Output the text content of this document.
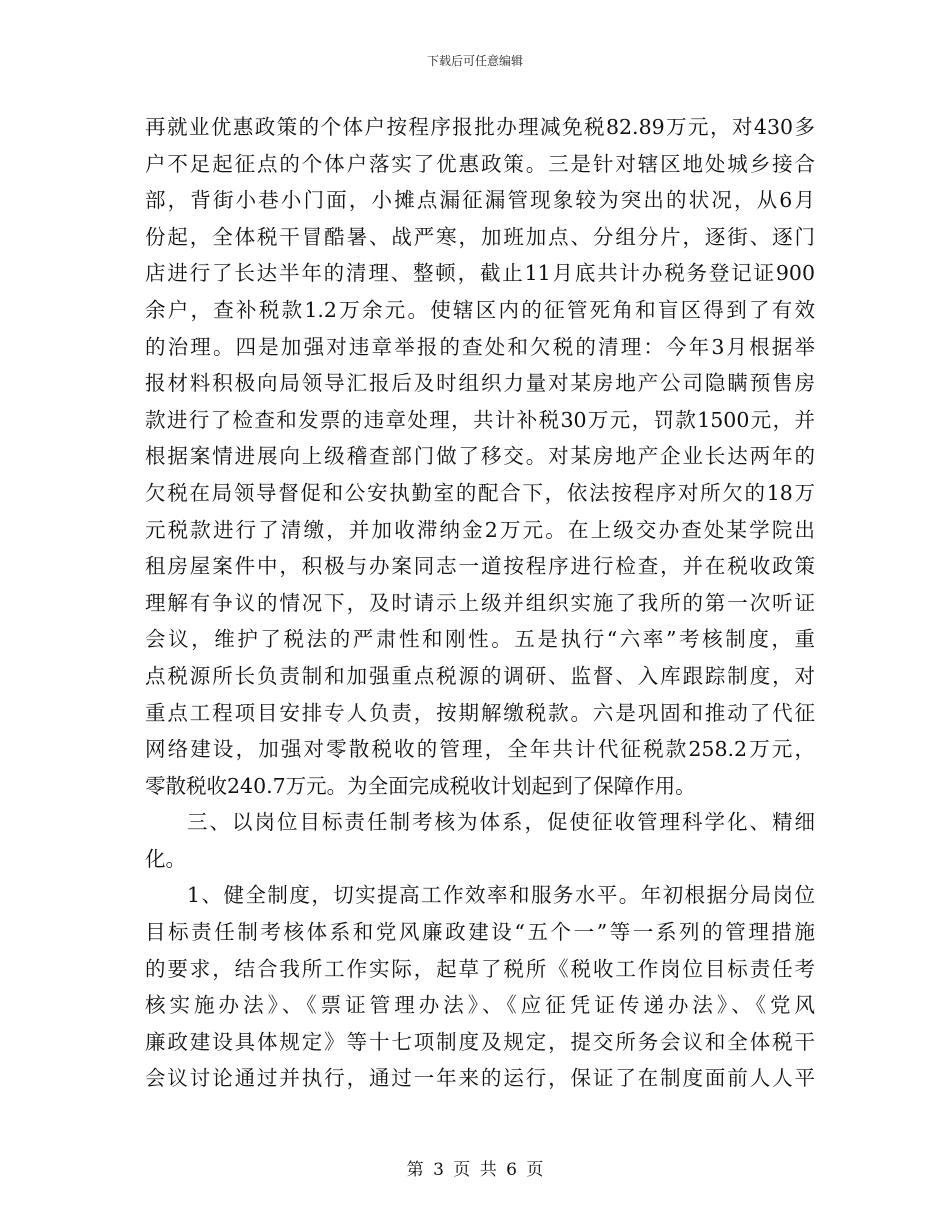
下载后可任意编辑
再就业优惠政策的个体户按程序报批办理减免税82.89万元，对430多
户不足起征点的个体户落实了优惠政策。三是针对辖区地处城乡接合
部，背街小巷小门面，小摊点漏征漏管现象较为突出的状况，从6月
份起，全体税干冒酷暑、战严寒，加班加点、分组分片，逐街、逐门
店进行了长达半年的清理、整顿，截止11月底共计办税务登记证900
余户，查补税款1.2万余元。使辖区内的征管死角和盲区得到了有效
的治理。四是加强对违章举报的查处和欠税的清理：今年3月根据举
报材料积极向局领导汇报后及时组织力量对某房地产公司隐瞒预售房
款进行了检查和发票的违章处理，共计补税30万元，罚款1500元，并
根据案情进展向上级稽查部门做了移交。对某房地产企业长达两年的
欠税在局领导督促和公安执勤室的配合下，依法按程序对所欠的18万
元税款进行了清缴，并加收滞纳金2万元。在上级交办查处某学院出
租房屋案件中，积极与办案同志一道按程序进行检查，并在税收政策
理解有争议的情况下，及时请示上级并组织实施了我所的第一次听证
会议，维护了税法的严肃性和刚性。五是执行“六率”考核制度，重
点税源所长负责制和加强重点税源的调研、监督、入库跟踪制度，对
重点工程项目安排专人负责，按期解缴税款。六是巩固和推动了代征
网络建设，加强对零散税收的管理，全年共计代征税款258.2万元，
零散税收240.7万元。为全面完成税收计划起到了保障作用。
三、以岗位目标责任制考核为体系，促使征收管理科学化、精细
化。
1、健全制度，切实提高工作效率和服务水平。年初根据分局岗位
目标责任制考核体系和党风廉政建设“五个一”等一系列的管理措施
的要求，结合我所工作实际，起草了税所《税收工作岗位目标责任考
核实施办法》、《票证管理办法》、《应征凭证传递办法》、《党风
廉政建设具体规定》等十七项制度及规定，提交所务会议和全体税干
会议讨论通过并执行，通过一年来的运行，保证了在制度面前人人平
第 3 页 共 6 页
